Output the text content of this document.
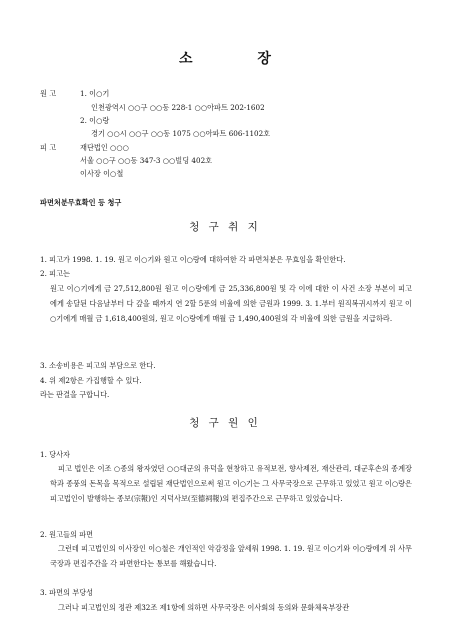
소 장
원 고	1. 이○기
인천광역시 ○○구 ○○동 228-1 ○○아파트 202-1602
2. 이○랑
경기 ○○시 ○○구 ○○동 1075 ○○아파트 606-1102호
피 고	재단법인 ○○○
서울 ○○구 ○○동 347-3 ○○빌딩 402호
이사장 이○철
파면처분무효확인 등 청구
청 구 취 지
1. 피고가 1998. 1. 19. 원고 이○기와 원고 이○랑에 대하여한 각 파면처분은 무효임을 확인한다.
2. 피고는
원고 이○기에게 금 27,512,800원 원고 이○랑에게 금 25,336,800원 및 각 이에 대한 이 사건 소장 부본이 피고 에게 송달된 다음날부터 다 갚을 때까지 연 2할 5푼의 비율에 의한 금원과 1999. 3. 1.부터 원직복귀시까지 원고 이○기에게 매월 금 1,618,400원의, 원고 이○랑에게 매월 금 1,490,400원의 각 비율에 의한 금원을 지급하라.
3. 소송비용은 피고의 부담으로 한다.
4. 위 제2항은 가집행할 수 있다.
라는 판결을 구합니다.
청 구 원 인
1. 당사자
피고 법인은 이조 ○종의 왕자였던 ○○대군의 유덕을 현창하고 유적보전, 향사제전, 재산관리, 대군후손의 종계장학과 종풍의 돈목을 목적으로 설립된 재단법인으로써 원고 이○기는 그 사무국장으로 근무하고 있었고 원고 이○랑은 피고법인이 발행하는 종보(宗報)인 지덕사보(至德祠報)의 편집주간으로 근무하고 있었습니다.
2. 원고들의 파면
그런데 피고법인의 이사장인 이○철은 개인적인 악감정을 앞세워 1998. 1. 19. 원고 이○기와 이○랑에게 위 사무국장과 편집주간을 각 파면한다는 통보를 해왔습니다.
3. 파면의 부당성
그러나 피고법인의 정관 제32조 제1항에 의하면 사무국장은 이사회의 동의와 문화체육부장관
